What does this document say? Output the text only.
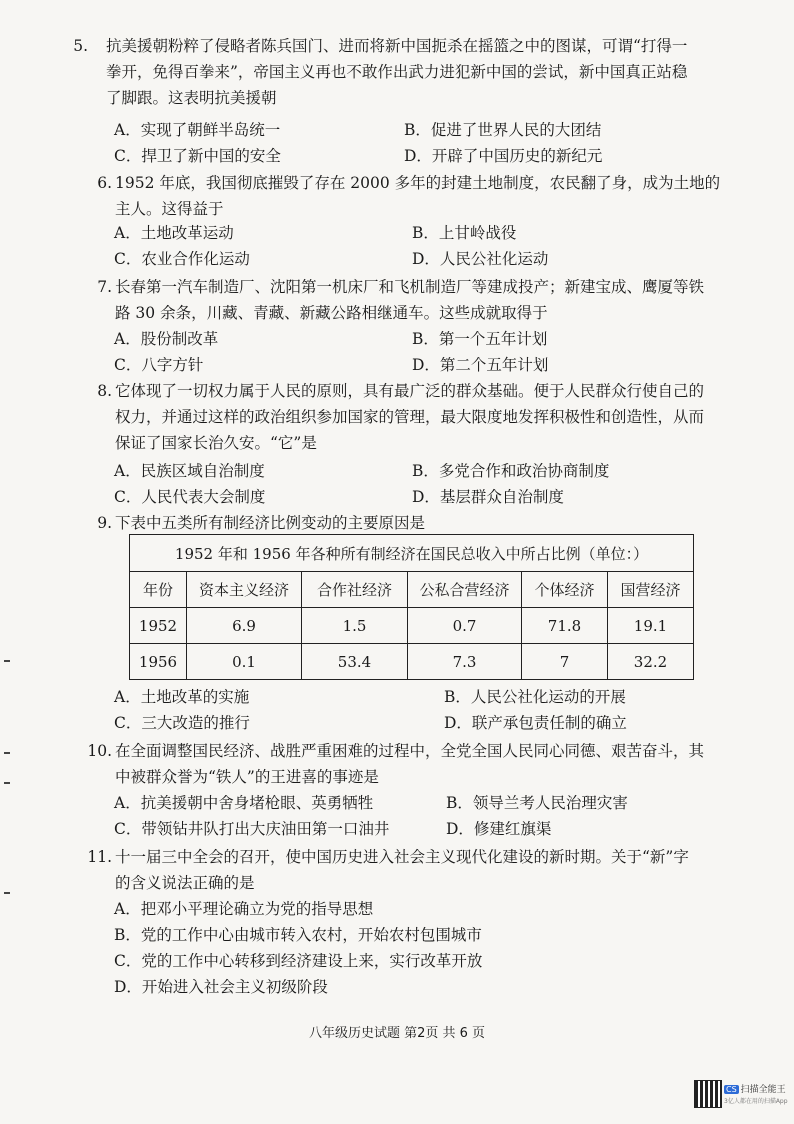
5. 抗美援朝粉粹了侵略者陈兵国门、进而将新中国扼杀在摇篮之中的图谋，可谓“打得一
拳开，免得百拳来”，帝国主义再也不敢作出武力进犯新中国的尝试，新中国真正站稳
了脚跟。这表明抗美援朝
A．实现了朝鲜半岛统一	B．促进了世界人民的大团结
C．捍卫了新中国的安全	D．开辟了中国历史的新纪元
6. 1952 年底，我国彻底摧毁了存在 2000 多年的封建土地制度，农民翻了身，成为土地的
主人。这得益于
A．土地改革运动	B．上甘岭战役
C．农业合作化运动	D．人民公社化运动
7. 长春第一汽车制造厂、沈阳第一机床厂和飞机制造厂等建成投产；新建宝成、鹰厦等铁
路 30 余条，川藏、青藏、新藏公路相继通车。这些成就取得于
A．股份制改革	B．第一个五年计划
C．八字方针	D．第二个五年计划
8. 它体现了一切权力属于人民的原则，具有最广泛的群众基础。便于人民群众行使自己的
权力，并通过这样的政治组织参加国家的管理，最大限度地发挥积极性和创造性，从而
保证了国家长治久安。“它”是
A．民族区域自治制度	B．多党合作和政治协商制度
C．人民代表大会制度	D．基层群众自治制度
9. 下表中五类所有制经济比例变动的主要原因是
A．土地改革的实施	B．人民公社化运动的开展
C．三大改造的推行	D．联产承包责任制的确立
1952 年和 1956 年各种所有制经济在国民总收入中所占比例（单位：）					
年份	资本主义经济	合作社经济	公私合营经济	个体经济	国营经济
1952	6.9	1.5	0.7	71.8	19.1
1956	0.1	53.4	7.3	7	32.2
10. 在全面调整国民经济、战胜严重困难的过程中，全党全国人民同心同德、艰苦奋斗，其
中被群众誉为“铁人”的王进喜的事迹是
A．抗美援朝中舍身堵枪眼、英勇牺牲	B．领导兰考人民治理灾害
C．带领钻井队打出大庆油田第一口油井	D．修建红旗渠
11. 十一届三中全会的召开，使中国历史进入社会主义现代化建设的新时期。关于“新”字
的含义说法正确的是
A．把邓小平理论确立为党的指导思想
B．党的工作中心由城市转入农村，开始农村包围城市
C．党的工作中心转移到经济建设上来，实行改革开放
D．开始进入社会主义初级阶段
八年级历史试题 第2页 共 6 页
CS 扫描全能王
3亿人都在用的扫描App
